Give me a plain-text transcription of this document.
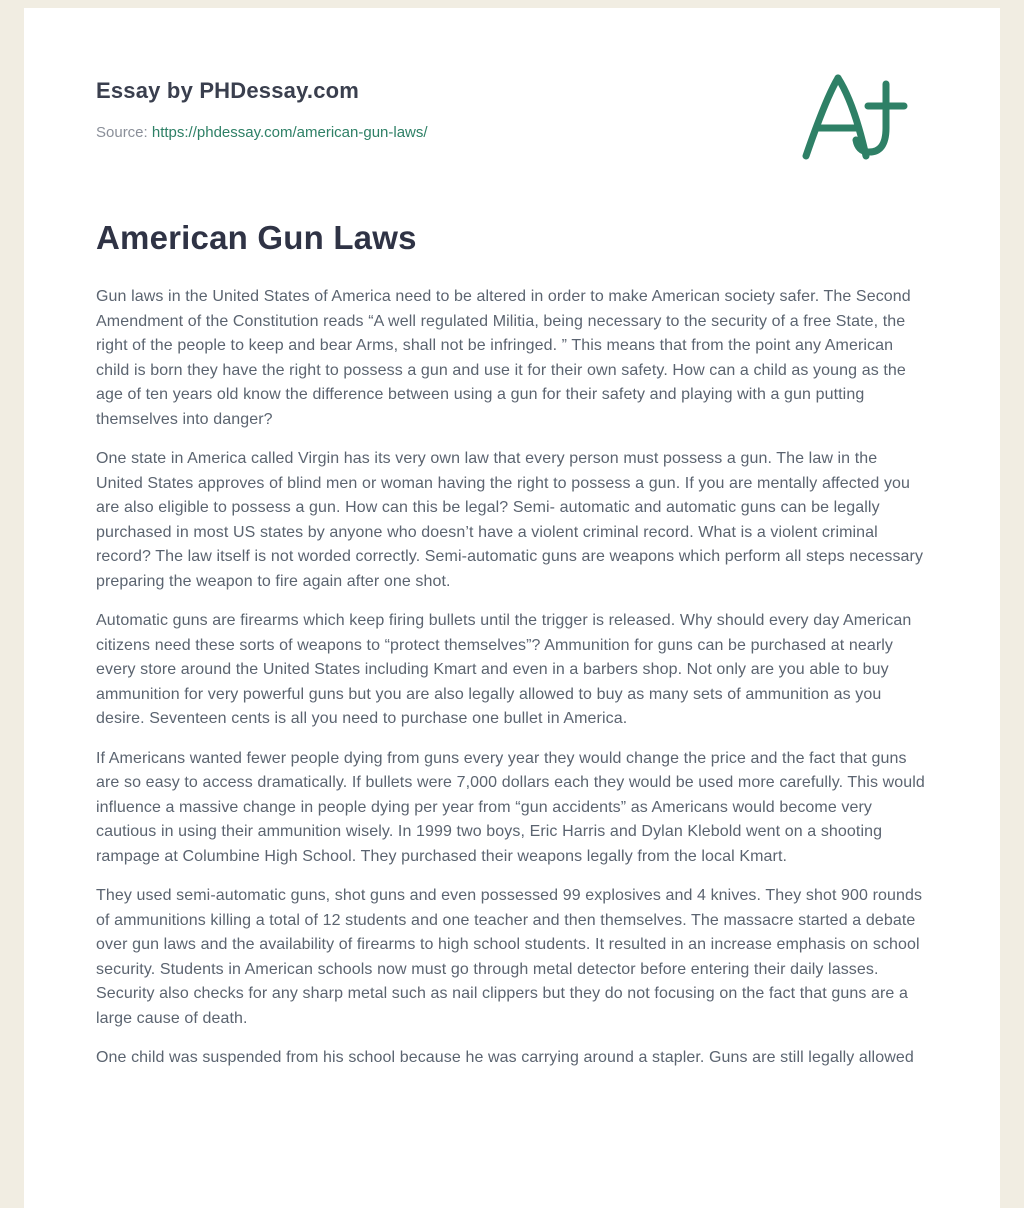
Essay by PHDessay.com
Source: https://phdessay.com/american-gun-laws/
American Gun Laws

Gun laws in the United States of America need to be altered in order to make American society safer. The Second Amendment of the Constitution reads “A well regulated Militia, being necessary to the security of a free State, the right of the people to keep and bear Arms, shall not be infringed. ” This means that from the point any American child is born they have the right to possess a gun and use it for their own safety. How can a child as young as the age of ten years old know the difference between using a gun for their safety and playing with a gun putting themselves into danger?

One state in America called Virgin has its very own law that every person must possess a gun. The law in the United States approves of blind men or woman having the right to possess a gun. If you are mentally affected you are also eligible to possess a gun. How can this be legal? Semi- automatic and automatic guns can be legally purchased in most US states by anyone who doesn’t have a violent criminal record. What is a violent criminal record? The law itself is not worded correctly. Semi-automatic guns are weapons which perform all steps necessary preparing the weapon to fire again after one shot.

Automatic guns are firearms which keep firing bullets until the trigger is released. Why should every day American citizens need these sorts of weapons to “protect themselves”? Ammunition for guns can be purchased at nearly every store around the United States including Kmart and even in a barbers shop. Not only are you able to buy ammunition for very powerful guns but you are also legally allowed to buy as many sets of ammunition as you desire. Seventeen cents is all you need to purchase one bullet in America.

If Americans wanted fewer people dying from guns every year they would change the price and the fact that guns are so easy to access dramatically. If bullets were 7,000 dollars each they would be used more carefully. This would influence a massive change in people dying per year from “gun accidents” as Americans would become very cautious in using their ammunition wisely. In 1999 two boys, Eric Harris and Dylan Klebold went on a shooting rampage at Columbine High School. They purchased their weapons legally from the local Kmart.

They used semi-automatic guns, shot guns and even possessed 99 explosives and 4 knives. They shot 900 rounds of ammunitions killing a total of 12 students and one teacher and then themselves. The massacre started a debate over gun laws and the availability of firearms to high school students. It resulted in an increase emphasis on school security. Students in American schools now must go through metal detector before entering their daily lasses. Security also checks for any sharp metal such as nail clippers but they do not focusing on the fact that guns are a large cause of death.

One child was suspended from his school because he was carrying around a stapler. Guns are still legally allowed
